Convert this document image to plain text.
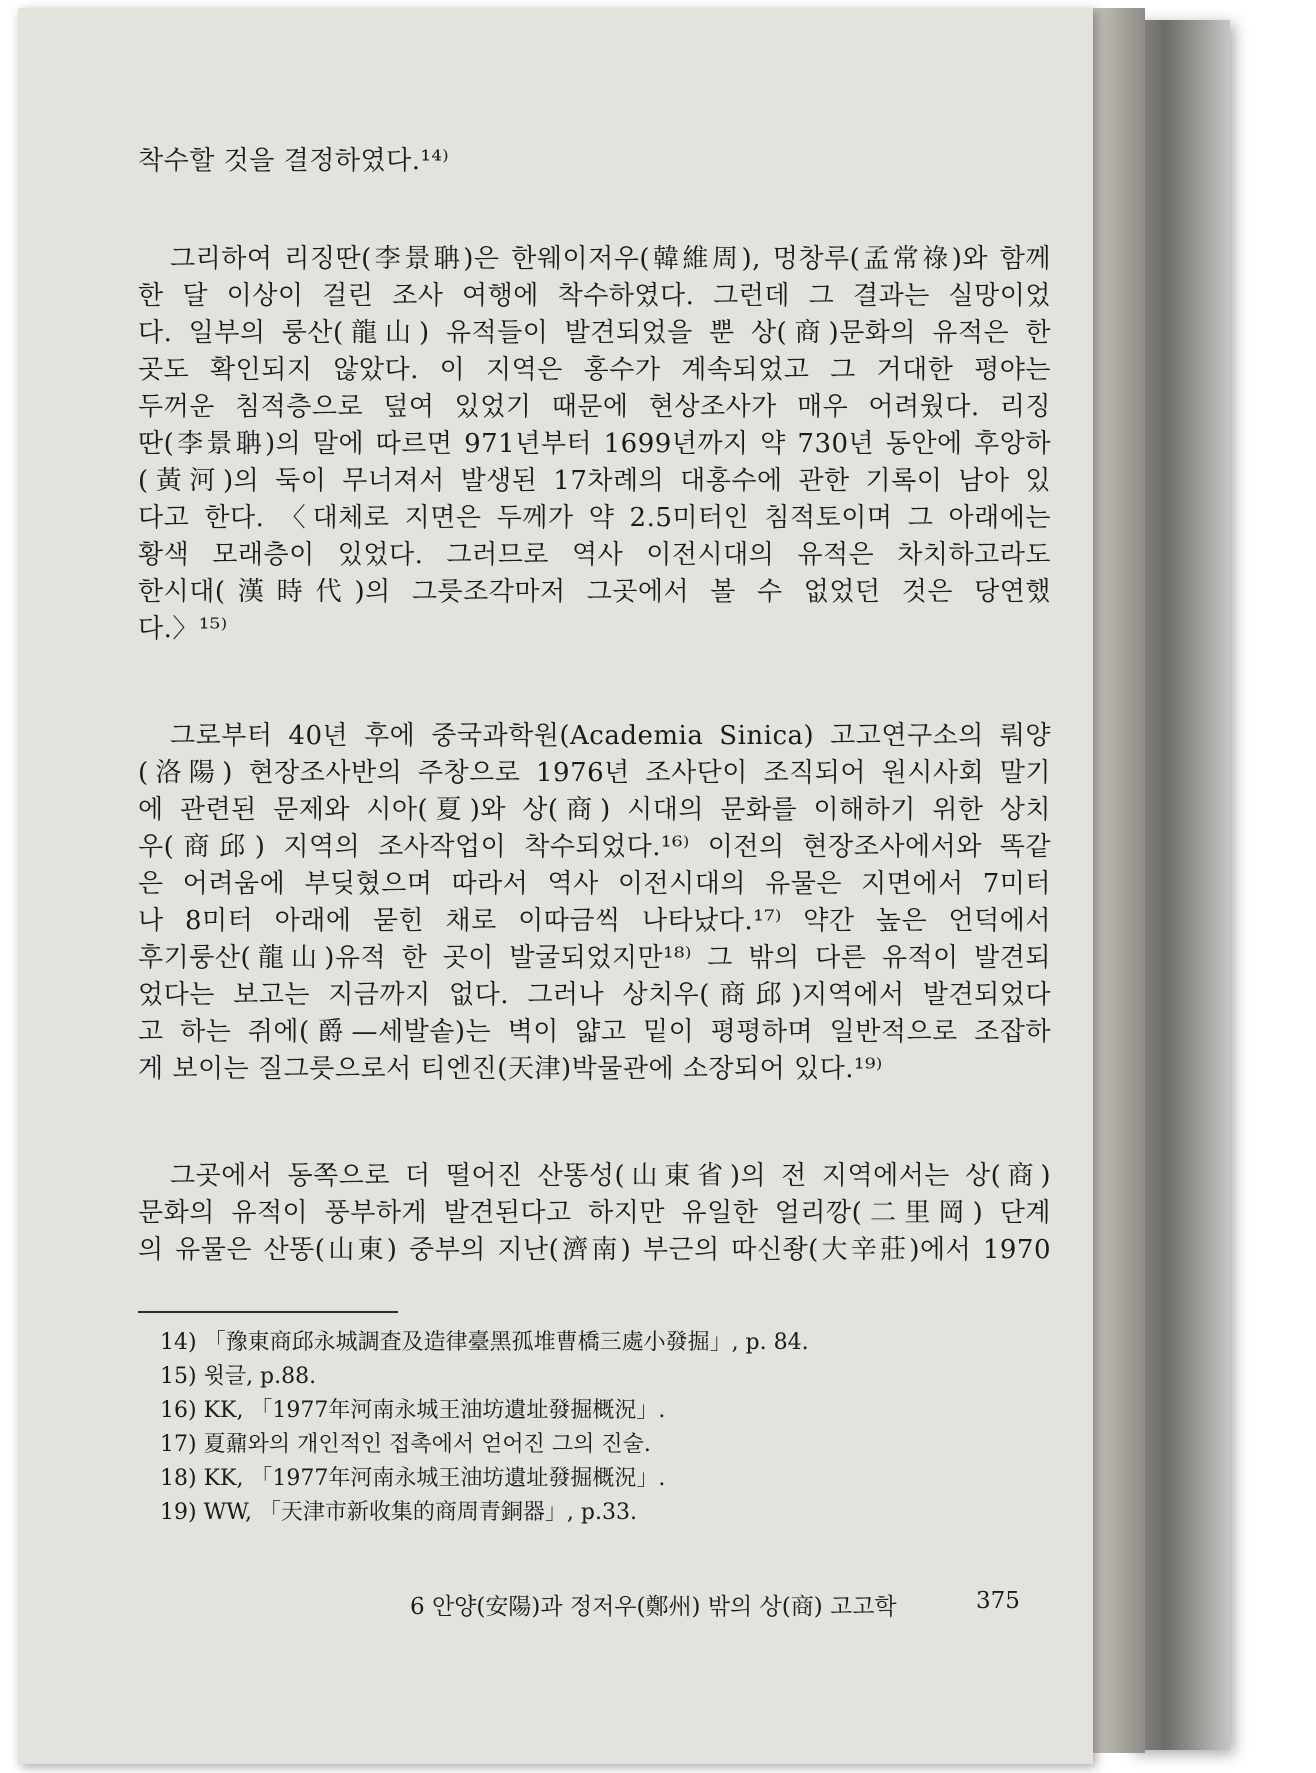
착수할 것을 결정하였다.¹⁴⁾
그리하여 리징딴(李景聃)은 한웨이저우(韓維周), 멍창루(孟常祿)와 함께
한 달 이상이 걸린 조사 여행에 착수하였다. 그런데 그 결과는 실망이었
다. 일부의 룽산(龍山) 유적들이 발견되었을 뿐 상(商)문화의 유적은 한
곳도 확인되지 않았다. 이 지역은 홍수가 계속되었고 그 거대한 평야는
두꺼운 침적층으로 덮여 있었기 때문에 현상조사가 매우 어려웠다. 리징
딴(李景聃)의 말에 따르면 971년부터 1699년까지 약 730년 동안에 후앙하
(黃河)의 둑이 무너져서 발생된 17차례의 대홍수에 관한 기록이 남아 있
다고 한다. 〈대체로 지면은 두께가 약 2.5미터인 침적토이며 그 아래에는
황색 모래층이 있었다. 그러므로 역사 이전시대의 유적은 차치하고라도
한시대(漢時代)의 그릇조각마저 그곳에서 볼 수 없었던 것은 당연했
다.〉¹⁵⁾
그로부터 40년 후에 중국과학원(Academia Sinica) 고고연구소의 뤄양
(洛陽) 현장조사반의 주창으로 1976년 조사단이 조직되어 원시사회 말기
에 관련된 문제와 시아(夏)와 상(商) 시대의 문화를 이해하기 위한 상치
우(商邱) 지역의 조사작업이 착수되었다.¹⁶⁾ 이전의 현장조사에서와 똑같
은 어려움에 부딪혔으며 따라서 역사 이전시대의 유물은 지면에서 7미터
나 8미터 아래에 묻힌 채로 이따금씩 나타났다.¹⁷⁾ 약간 높은 언덕에서
후기룽산(龍山)유적 한 곳이 발굴되었지만¹⁸⁾ 그 밖의 다른 유적이 발견되
었다는 보고는 지금까지 없다. 그러나 상치우(商邱)지역에서 발견되었다
고 하는 쥐에(爵—세발솥)는 벽이 얇고 밑이 평평하며 일반적으로 조잡하
게 보이는 질그릇으로서 티엔진(天津)박물관에 소장되어 있다.¹⁹⁾
그곳에서 동쪽으로 더 떨어진 산똥성(山東省)의 전 지역에서는 상(商)
문화의 유적이 풍부하게 발견된다고 하지만 유일한 얼리깡(二里岡) 단계
의 유물은 산똥(山東) 중부의 지난(濟南) 부근의 따신좡(大辛莊)에서 1970
14) 「豫東商邱永城調査及造律臺黑孤堆曹橋三處小發掘」, p. 84.
15) 윗글, p.88.
16) KK, 「1977年河南永城王油坊遺址發掘概況」.
17) 夏鼐와의 개인적인 접촉에서 얻어진 그의 진술.
18) KK, 「1977年河南永城王油坊遺址發掘概況」.
19) WW, 「天津市新收集的商周青銅器」, p.33.
6 안양(安陽)과 정저우(鄭州) 밖의 상(商) 고고학	375
